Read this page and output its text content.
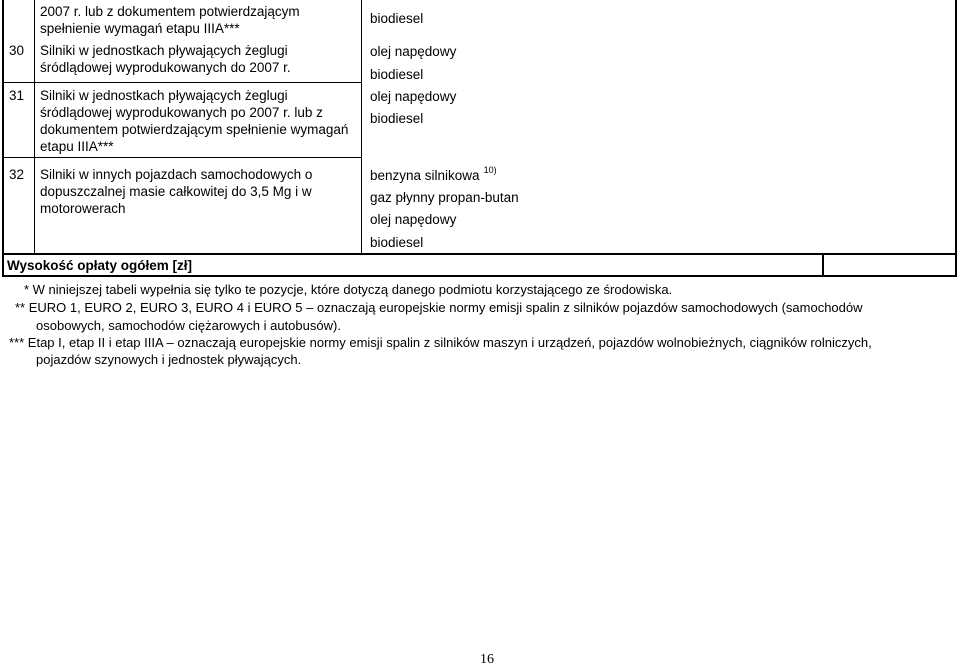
2007 r. lub z dokumentem potwierdzającym
spełnienie wymagań etapu IIIA***
biodiesel
30 Silniki w jednostkach pływających żeglugi
śródlądowej wyprodukowanych do 2007 r.
olej napędowy
biodiesel
31 Silniki w jednostkach pływających żeglugi
śródlądowej wyprodukowanych po 2007 r. lub z
dokumentem potwierdzającym spełnienie wymagań
etapu IIIA***
olej napędowy
biodiesel
32 Silniki w innych pojazdach samochodowych o
dopuszczalnej masie całkowitej do 3,5 Mg i w
motorowerach
benzyna silnikowa $^{10)}$
gaz płynny propan-butan
olej napędowy
biodiesel
Wysokość opłaty ogółem [zł]
* W niniejszej tabeli wypełnia się tylko te pozycje, które dotyczą danego podmiotu korzystającego ze środowiska.
** EURO 1, EURO 2, EURO 3, EURO 4 i EURO 5 – oznaczają europejskie normy emisji spalin z silników pojazdów samochodowych (samochodów
osobowych, samochodów ciężarowych i autobusów).
*** Etap I, etap II i etap IIIA – oznaczają europejskie normy emisji spalin z silników maszyn i urządzeń, pojazdów wolnobieżnych, ciągników rolniczych,
pojazdów szynowych i jednostek pływających.
16
